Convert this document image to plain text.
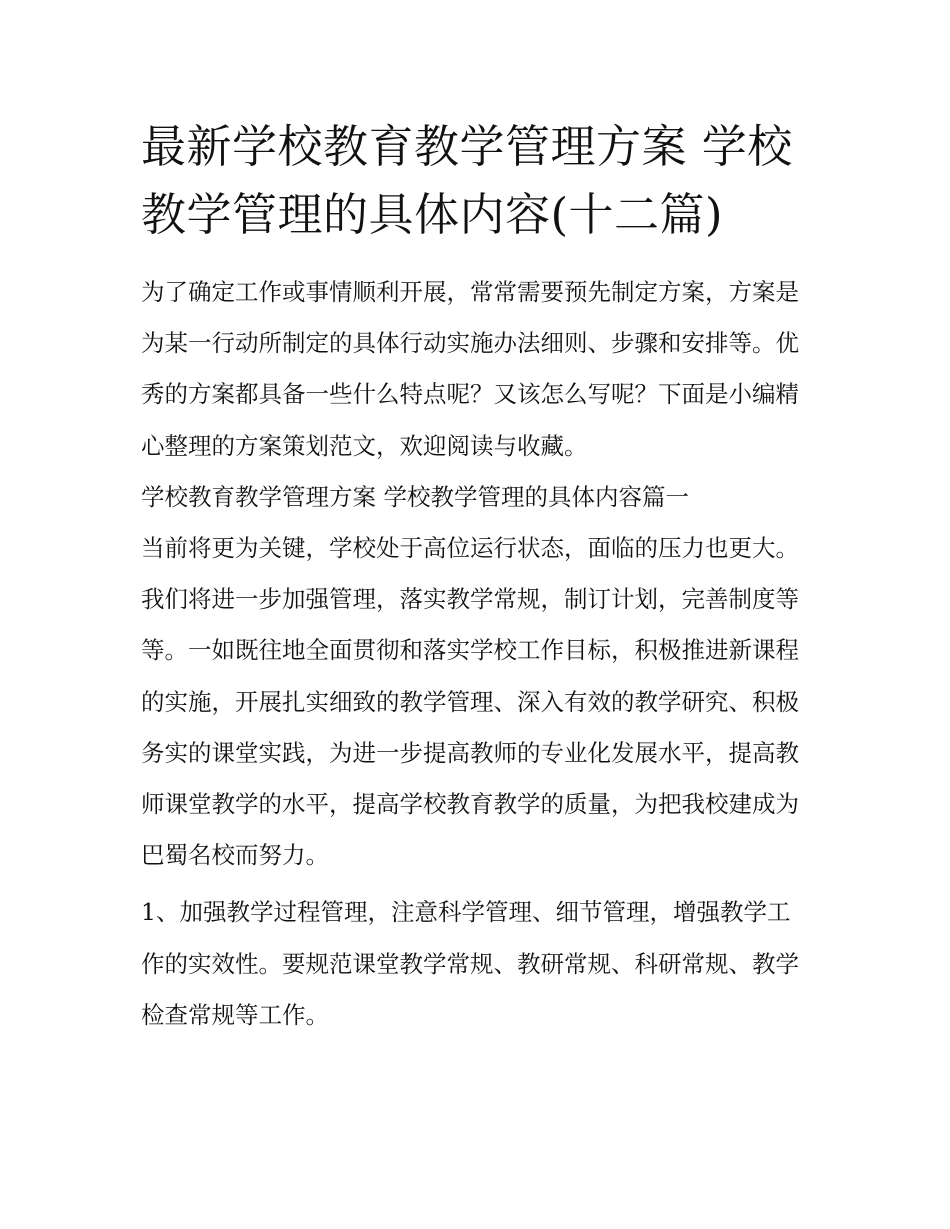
最新学校教育教学管理方案 学校教学管理的具体内容(十二篇)

为了确定工作或事情顺利开展，常常需要预先制定方案，方案是为某一行动所制定的具体行动实施办法细则、步骤和安排等。优秀的方案都具备一些什么特点呢？又该怎么写呢？下面是小编精心整理的方案策划范文，欢迎阅读与收藏。

学校教育教学管理方案 学校教学管理的具体内容篇一

当前将更为关键，学校处于高位运行状态，面临的压力也更大。我们将进一步加强管理，落实教学常规，制订计划，完善制度等等。一如既往地全面贯彻和落实学校工作目标，积极推进新课程的实施，开展扎实细致的教学管理、深入有效的教学研究、积极务实的课堂实践，为进一步提高教师的专业化发展水平，提高教师课堂教学的水平，提高学校教育教学的质量，为把我校建成为巴蜀名校而努力。

1、加强教学过程管理，注意科学管理、细节管理，增强教学工作的实效性。要规范课堂教学常规、教研常规、科研常规、教学检查常规等工作。
